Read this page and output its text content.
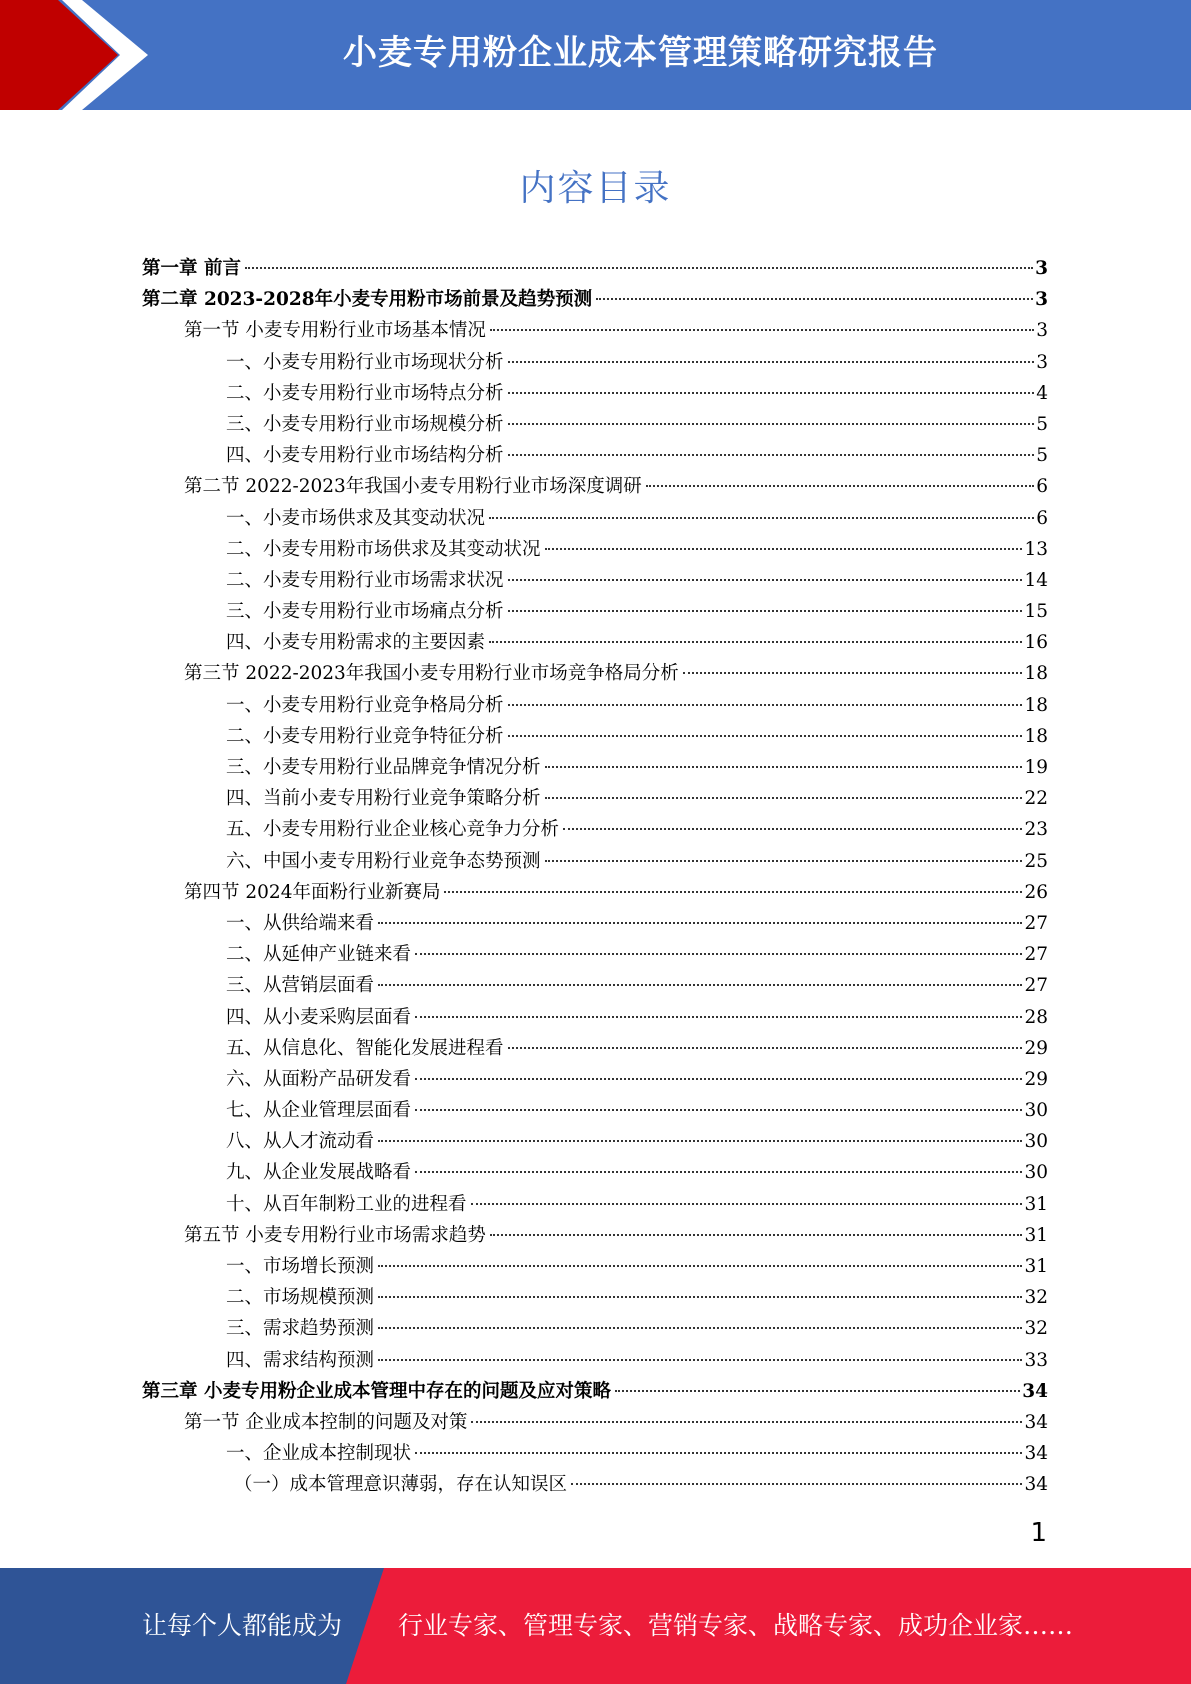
小麦专用粉企业成本管理策略研究报告
内容目录
第一章 前言	3
第二章 2023-2028年小麦专用粉市场前景及趋势预测	3
第一节 小麦专用粉行业市场基本情况	3
一、小麦专用粉行业市场现状分析	3
二、小麦专用粉行业市场特点分析	4
三、小麦专用粉行业市场规模分析	5
四、小麦专用粉行业市场结构分析	5
第二节 2022-2023年我国小麦专用粉行业市场深度调研	6
一、小麦市场供求及其变动状况	6
二、小麦专用粉市场供求及其变动状况	13
二、小麦专用粉行业市场需求状况	14
三、小麦专用粉行业市场痛点分析	15
四、小麦专用粉需求的主要因素	16
第三节 2022-2023年我国小麦专用粉行业市场竞争格局分析	18
一、小麦专用粉行业竞争格局分析	18
二、小麦专用粉行业竞争特征分析	18
三、小麦专用粉行业品牌竞争情况分析	19
四、当前小麦专用粉行业竞争策略分析	22
五、小麦专用粉行业企业核心竞争力分析	23
六、中国小麦专用粉行业竞争态势预测	25
第四节 2024年面粉行业新赛局	26
一、从供给端来看	27
二、从延伸产业链来看	27
三、从营销层面看	27
四、从小麦采购层面看	28
五、从信息化、智能化发展进程看	29
六、从面粉产品研发看	29
七、从企业管理层面看	30
八、从人才流动看	30
九、从企业发展战略看	30
十、从百年制粉工业的进程看	31
第五节 小麦专用粉行业市场需求趋势	31
一、市场增长预测	31
二、市场规模预测	32
三、需求趋势预测	32
四、需求结构预测	33
第三章 小麦专用粉企业成本管理中存在的问题及应对策略	34
第一节 企业成本控制的问题及对策	34
一、企业成本控制现状	34
（一）成本管理意识薄弱，存在认知误区	34
1
让每个人都能成为 行业专家、管理专家、营销专家、战略专家、成功企业家……
